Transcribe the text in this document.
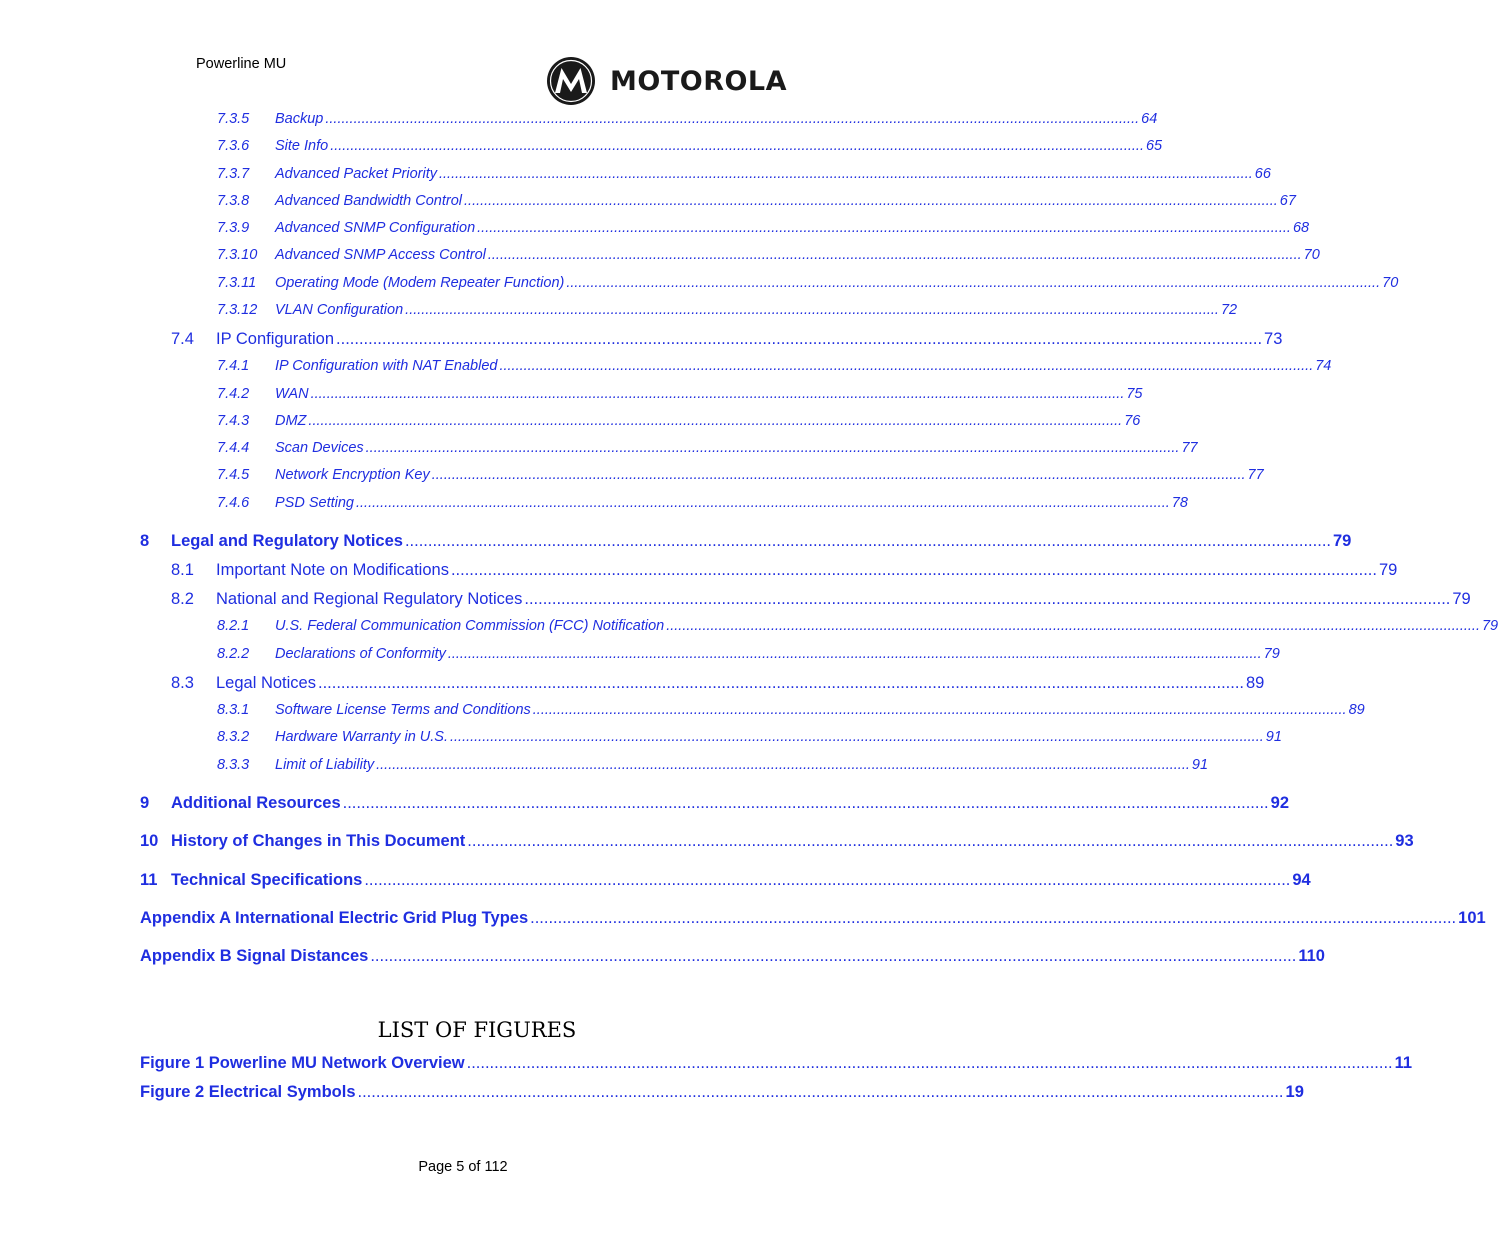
Powerline MU
MOTOROLA
7.3.5	Backup .......................................................................................................................................................................................................... 64
7.3.6	Site Info .......................................................................................................................................................................................................... 65
7.3.7	Advanced Packet Priority .......................................................................................................................................................................................................... 66
7.3.8	Advanced Bandwidth Control .......................................................................................................................................................................................................... 67
7.3.9	Advanced SNMP Configuration .......................................................................................................................................................................................................... 68
7.3.10	Advanced SNMP Access Control .......................................................................................................................................................................................................... 70
7.3.11	Operating Mode (Modem Repeater Function) .......................................................................................................................................................................................................... 70
7.3.12	VLAN Configuration .......................................................................................................................................................................................................... 72
7.4	IP Configuration .......................................................................................................................................................................................................... 73
7.4.1	IP Configuration with NAT Enabled .......................................................................................................................................................................................................... 74
7.4.2	WAN .......................................................................................................................................................................................................... 75
7.4.3	DMZ .......................................................................................................................................................................................................... 76
7.4.4	Scan Devices .......................................................................................................................................................................................................... 77
7.4.5	Network Encryption Key .......................................................................................................................................................................................................... 77
7.4.6	PSD Setting .......................................................................................................................................................................................................... 78
8	Legal and Regulatory Notices .......................................................................................................................................................................................................... 79
8.1	Important Note on Modifications .......................................................................................................................................................................................................... 79
8.2	National and Regional Regulatory Notices .......................................................................................................................................................................................................... 79
8.2.1	U.S. Federal Communication Commission (FCC) Notification .......................................................................................................................................................................................................... 79
8.2.2	Declarations of Conformity .......................................................................................................................................................................................................... 79
8.3	Legal Notices .......................................................................................................................................................................................................... 89
8.3.1	Software License Terms and Conditions .......................................................................................................................................................................................................... 89
8.3.2	Hardware Warranty in U.S. .......................................................................................................................................................................................................... 91
8.3.3	Limit of Liability .......................................................................................................................................................................................................... 91
9	Additional Resources .......................................................................................................................................................................................................... 92
10 History of Changes in This Document .......................................................................................................................................................................................................... 93
11 Technical Specifications .......................................................................................................................................................................................................... 94
Appendix A International Electric Grid Plug Types .......................................................................................................................................................................................................... 101
Appendix B Signal Distances .......................................................................................................................................................................................................... 110
LIST OF FIGURES
Figure 1 Powerline MU Network Overview .......................................................................................................................................................................................................... 11
Figure 2 Electrical Symbols .......................................................................................................................................................................................................... 19
Page 5 of 112
